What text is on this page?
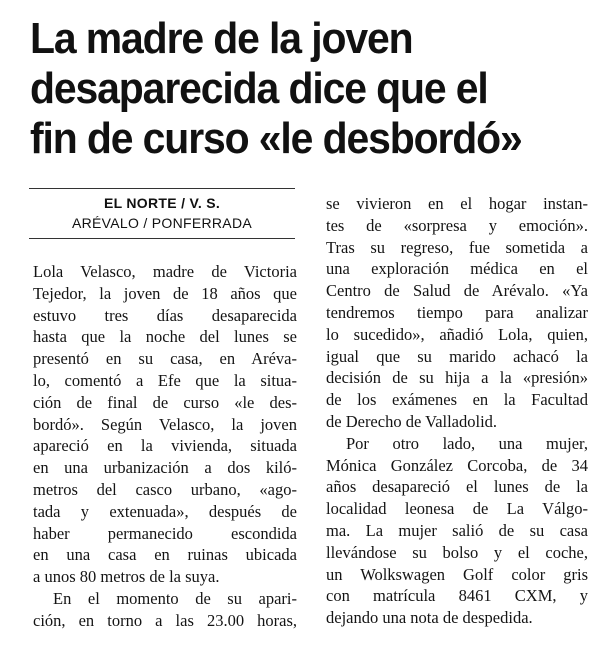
La madre de la joven
desaparecida dice que el
fin de curso «le desbordó»
EL NORTE / V. S.
ARÉVALO / PONFERRADA

Lola Velasco, madre de Victoria
Tejedor, la joven de 18 años que
estuvo tres días desaparecida
hasta que la noche del lunes se
presentó en su casa, en Aréva-
lo, comentó a Efe que la situa-
ción de final de curso «le des-
bordó». Según Velasco, la joven
apareció en la vivienda, situada
en una urbanización a dos kiló-
metros del casco urbano, «ago-
tada y extenuada», después de
haber permanecido escondida
en una casa en ruinas ubicada
a unos 80 metros de la suya.

En el momento de su apari-
ción, en torno a las 23.00 horas,

se vivieron en el hogar instan-
tes de «sorpresa y emoción».
Tras su regreso, fue sometida a
una exploración médica en el
Centro de Salud de Arévalo. «Ya
tendremos tiempo para analizar
lo sucedido», añadió Lola, quien,
igual que su marido achacó la
decisión de su hija a la «presión»
de los exámenes en la Facultad
de Derecho de Valladolid.

Por otro lado, una mujer,
Mónica González Corcoba, de 34
años desapareció el lunes de la
localidad leonesa de La Válgo-
ma. La mujer salió de su casa
llevándose su bolso y el coche,
un Wolkswagen Golf color gris
con matrícula 8461 CXM, y
dejando una nota de despedida.
